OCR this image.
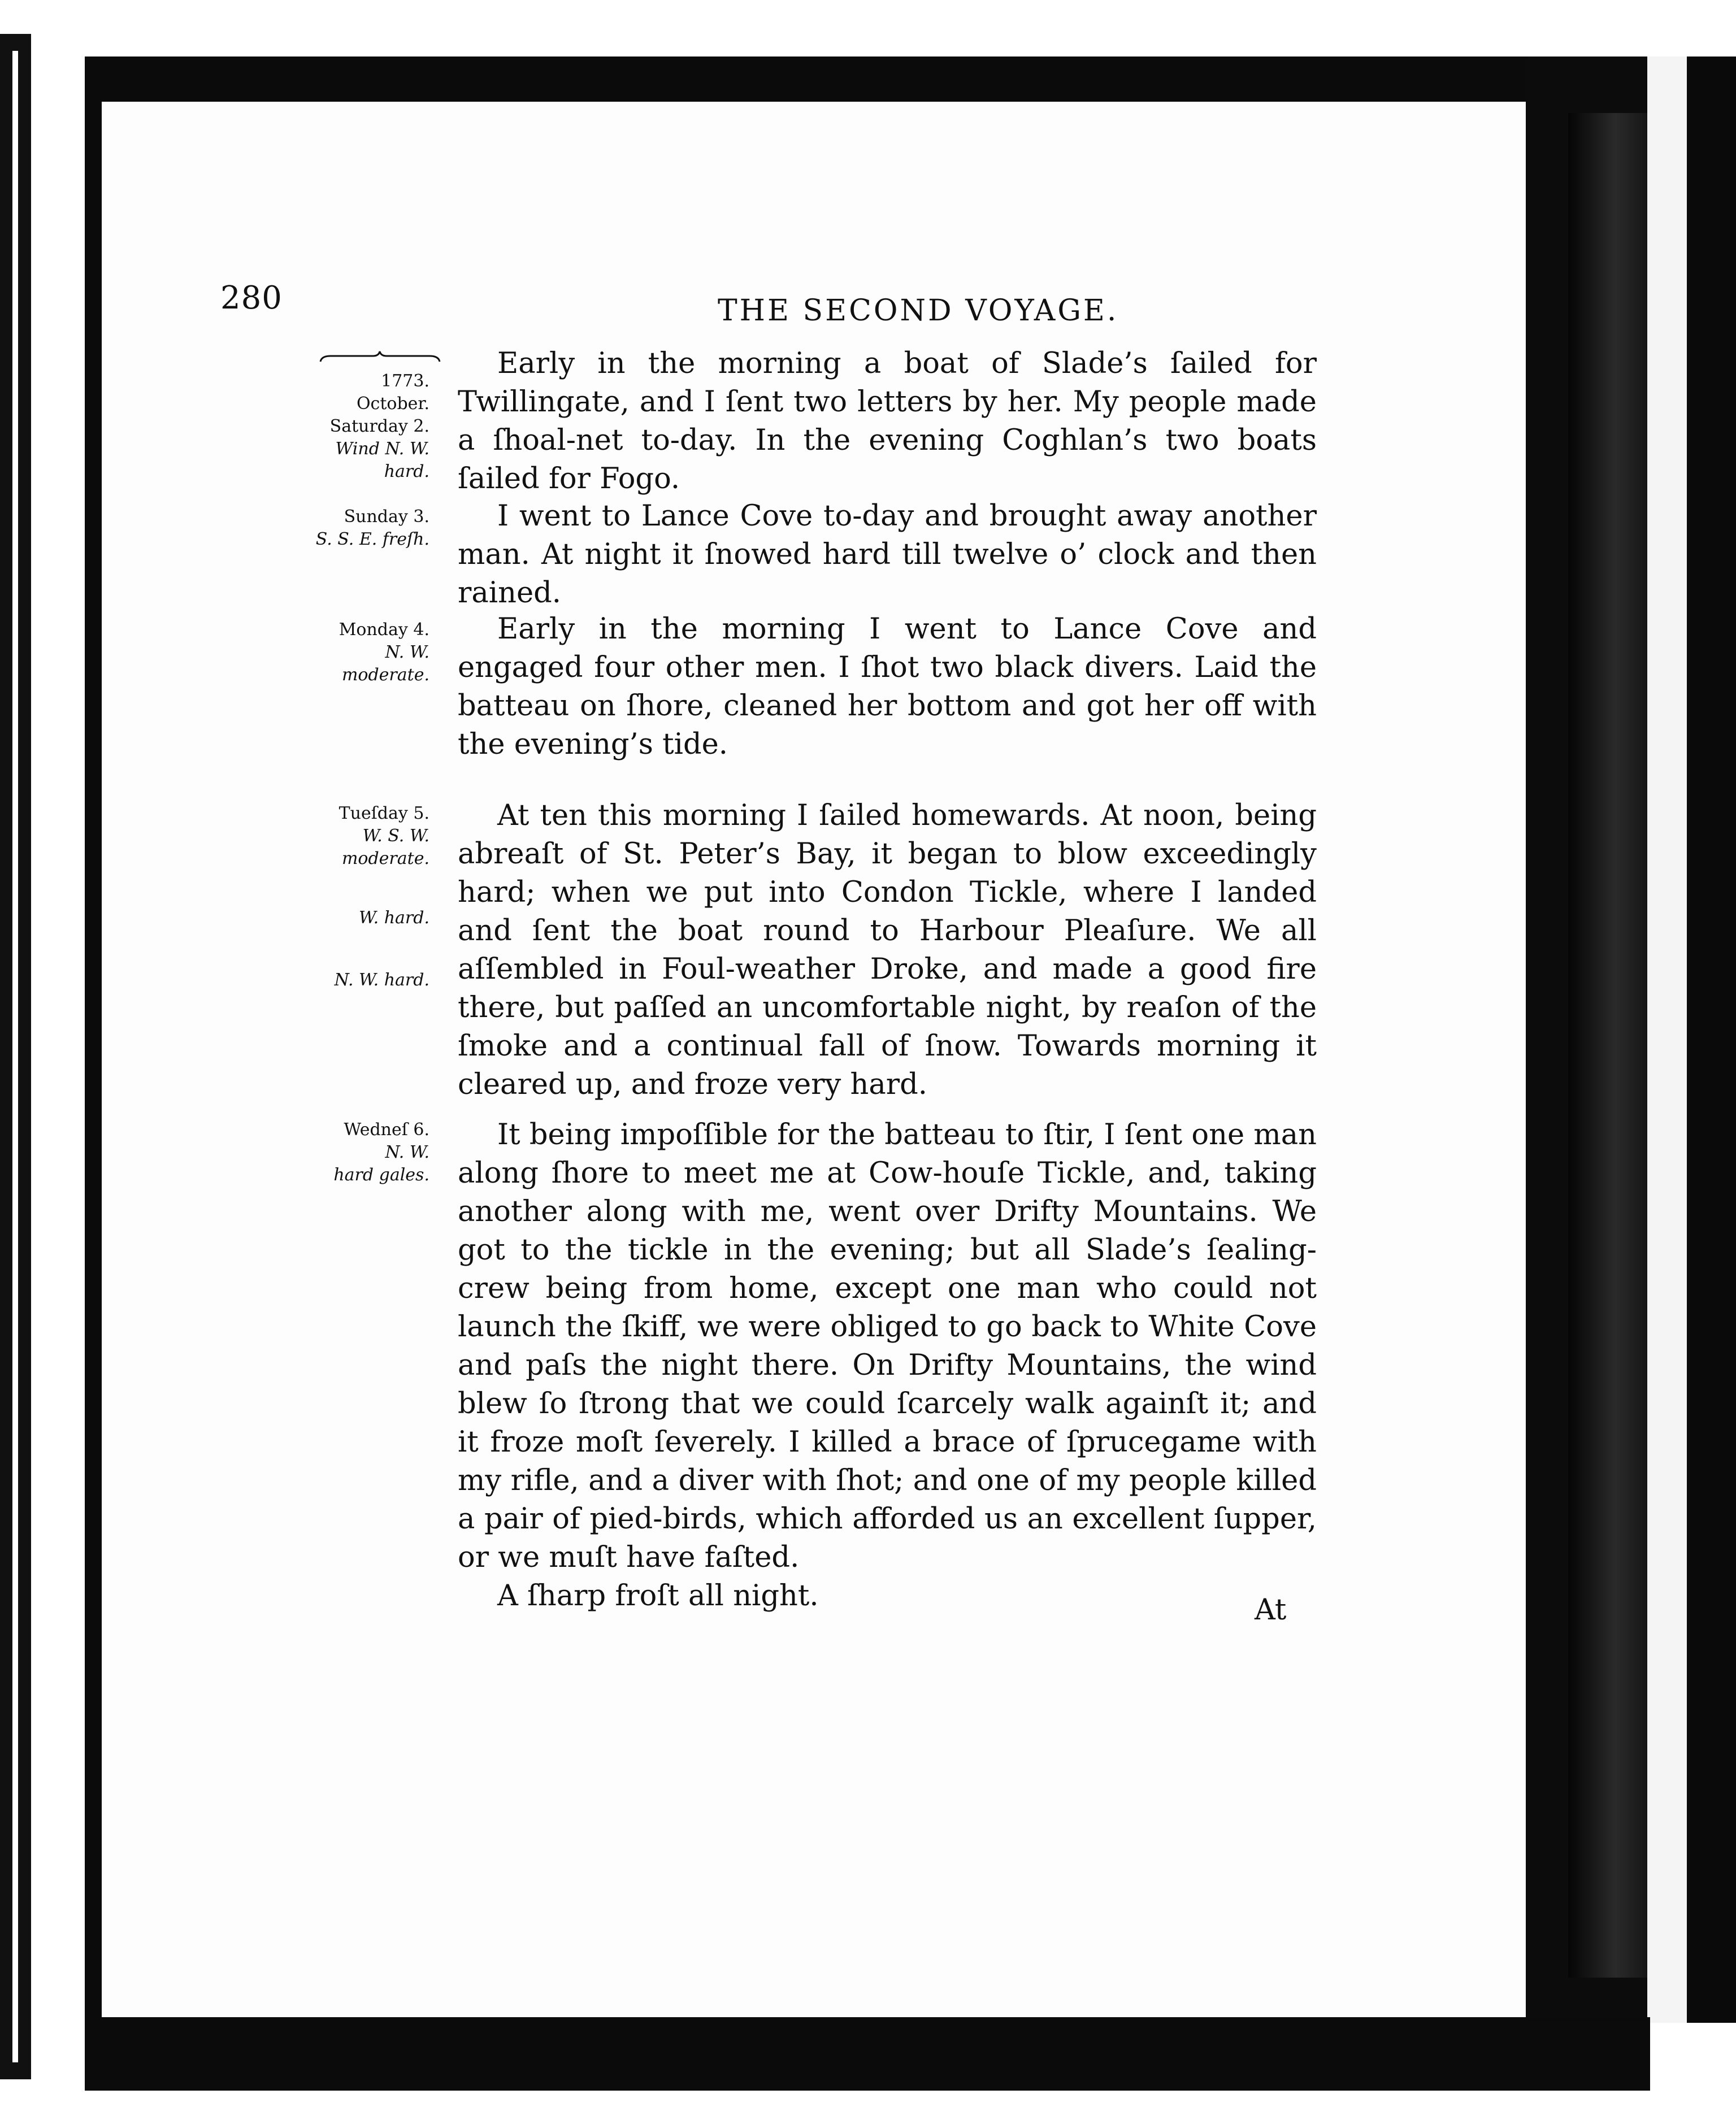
280	THE SECOND VOYAGE.
1773.
October.
Saturday 2.
Wind N. W.
hard.

Early in the morning a boat of Slade’s ſailed for Twillingate, and I ſent two letters by her. My people made a ſhoal-net to-day. In the evening Coghlan’s two boats ſailed for Fogo.

Sunday 3.
S. S. E. freſh.

I went to Lance Cove to-day and brought away another man. At night it ſnowed hard till twelve o’ clock and then rained.

Monday 4.
N. W.
moderate.

Early in the morning I went to Lance Cove and engaged four other men. I ſhot two black divers. Laid the batteau on ſhore, cleaned her bottom and got her off with the evening’s tide.

Tueſday 5.
W. S. W.
moderate.
W. hard.
N. W. hard.

At ten this morning I ſailed homewards. At noon, being abreaſt of St. Peter’s Bay, it began to blow exceedingly hard; when we put into Condon Tickle, where I landed and ſent the boat round to Harbour Pleaſure. We all aſſembled in Foul-weather Droke, and made a good fire there, but paſſed an uncomfortable night, by reaſon of the ſmoke and a continual fall of ſnow. Towards morning it cleared up, and froze very hard.

Wedneſ 6.
N. W.
hard gales.

It being impoſſible for the batteau to ſtir, I ſent one man along ſhore to meet me at Cow-houſe Tickle, and, taking another along with me, went over Drifty Mountains. We got to the tickle in the evening; but all Slade’s ſealing-crew being from home, except one man who could not launch the ſkiff, we were obliged to go back to White Cove and paſs the night there. On Drifty Mountains, the wind blew ſo ſtrong that we could ſcarcely walk againſt it; and it froze moſt ſeverely. I killed a brace of ſprucegame with my rifle, and a diver with ſhot; and one of my people killed a pair of pied-birds, which afforded us an excellent ſupper, or we muſt have faſted.

A ſharp froſt all night.	At
